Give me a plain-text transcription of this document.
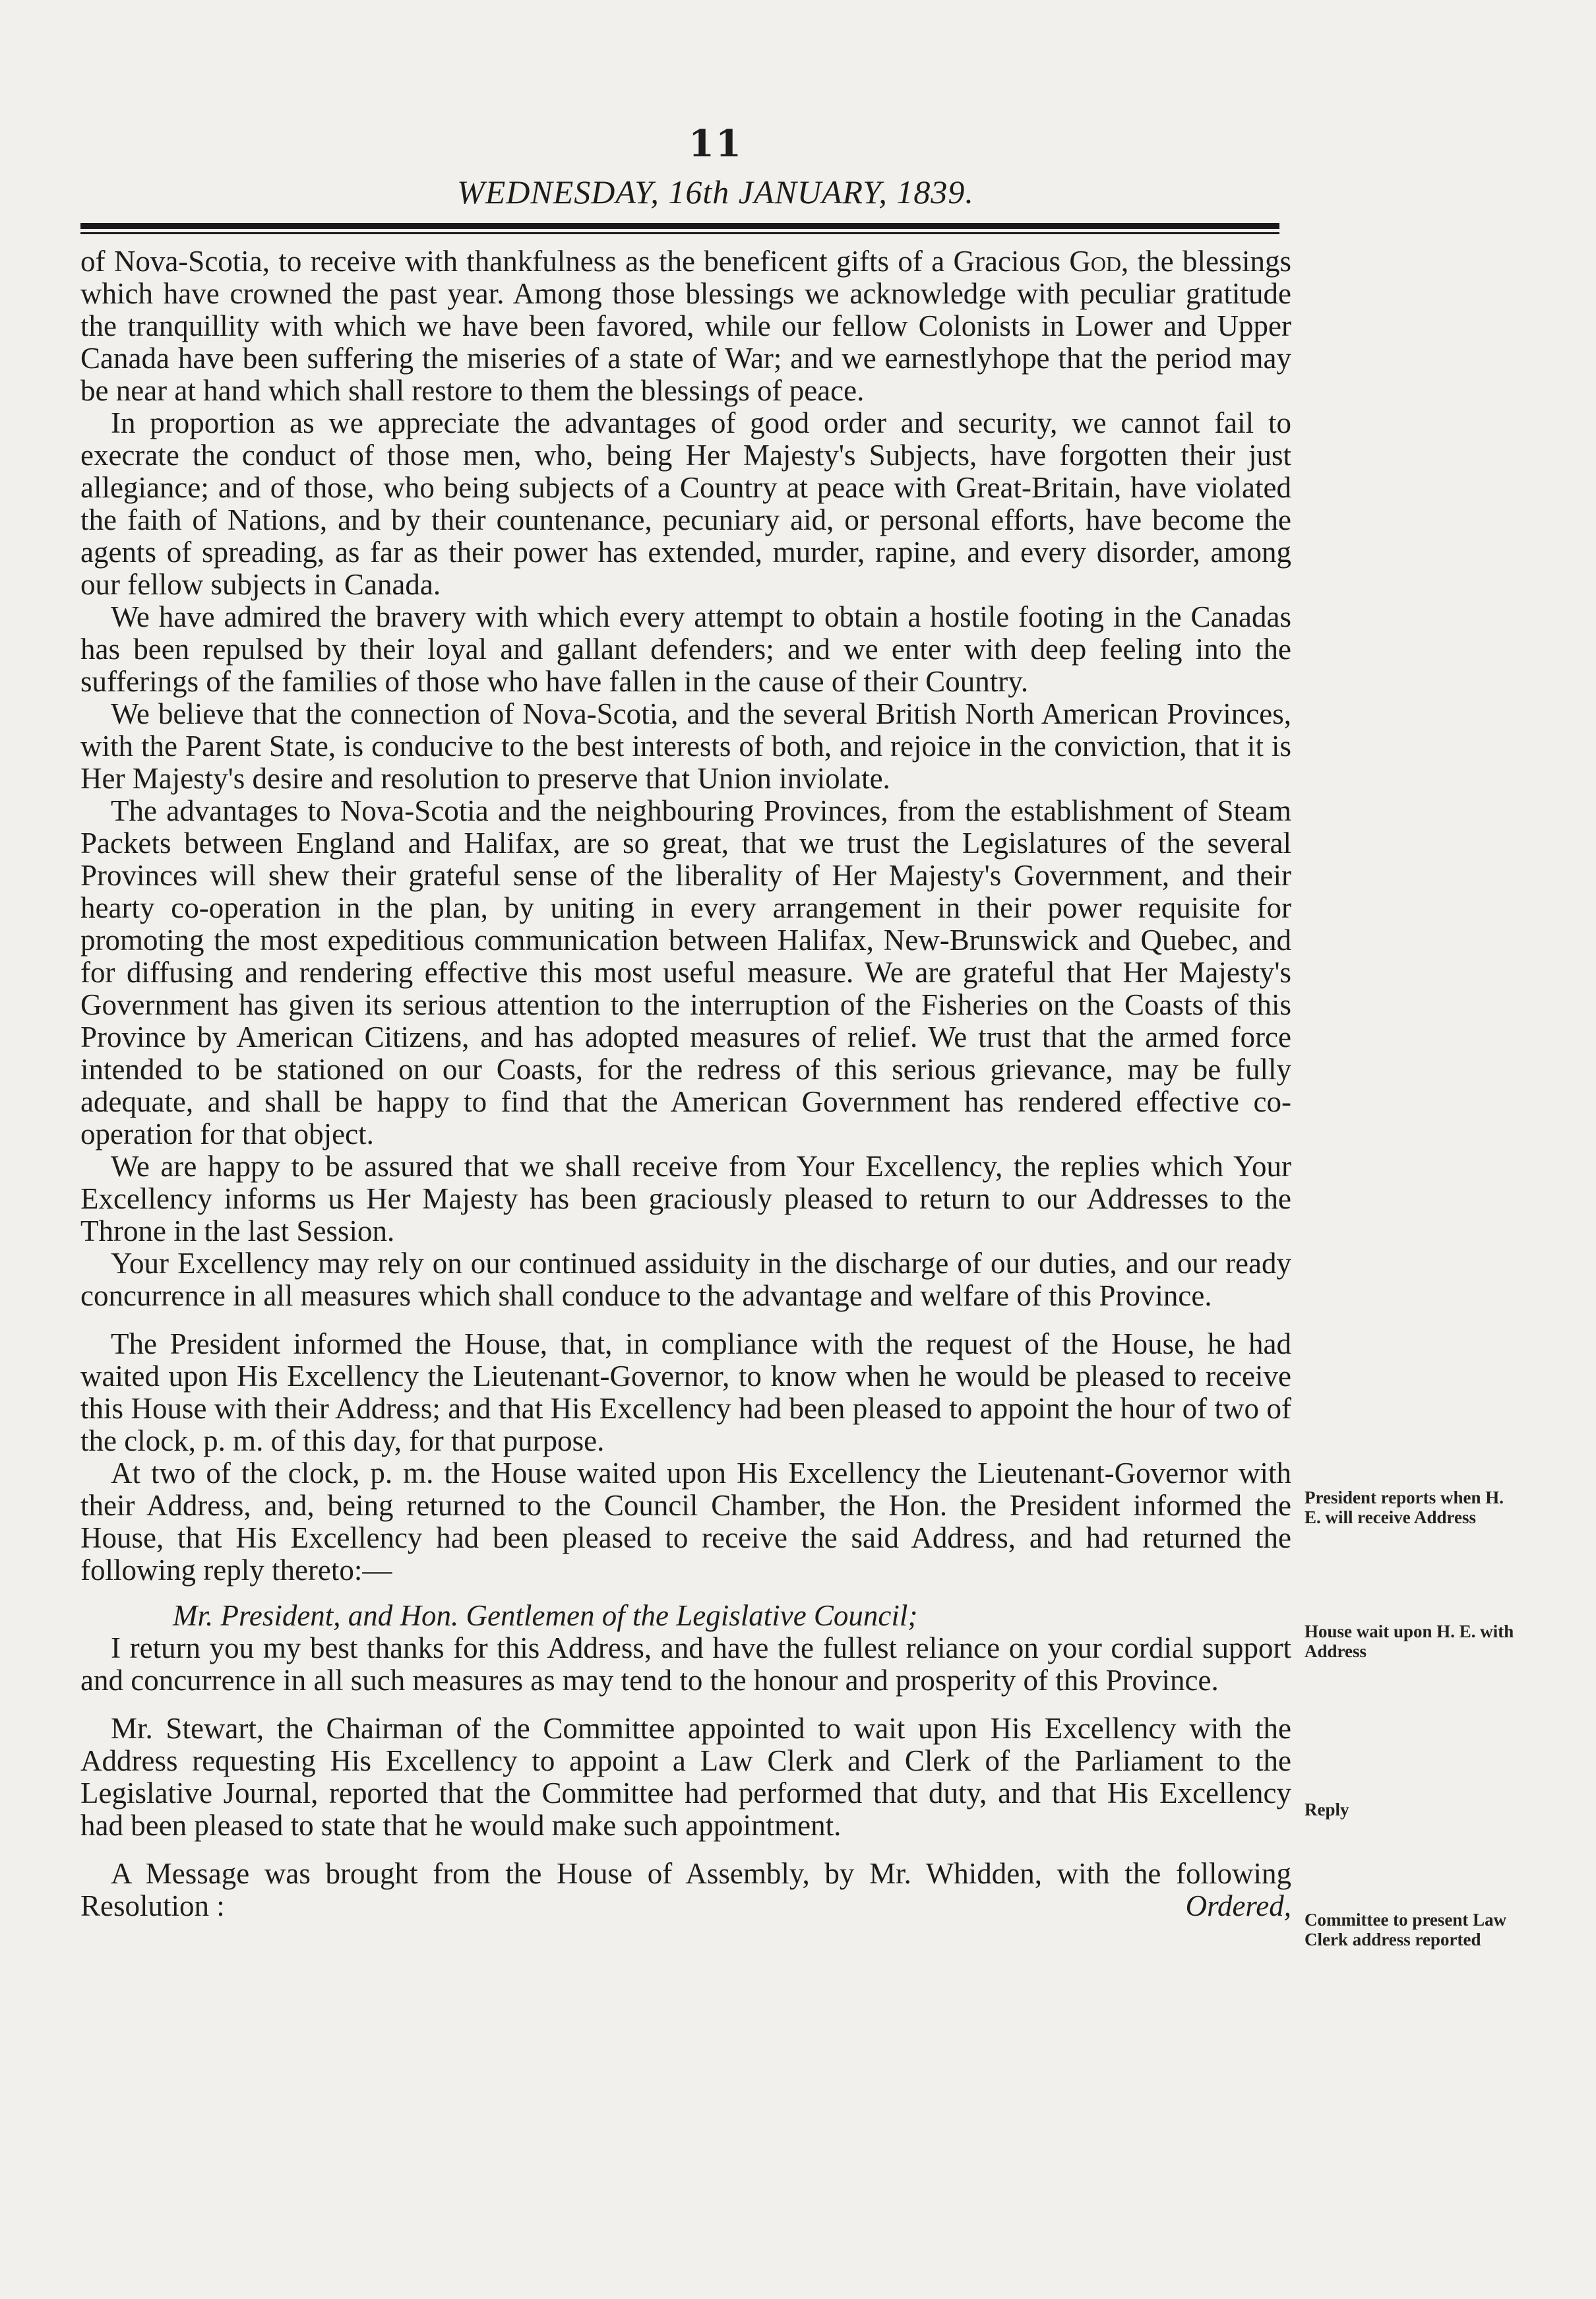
11
WEDNESDAY, 16th JANUARY, 1839.

of Nova-Scotia, to receive with thankfulness as the beneficent gifts of a Gracious God, the blessings which have crowned the past year. Among those blessings we acknowledge with peculiar gratitude the tranquillity with which we have been favored, while our fellow Colonists in Lower and Upper Canada have been suffering the miseries of a state of War; and we earnestlyhope that the period may be near at hand which shall restore to them the blessings of peace.

In proportion as we appreciate the advantages of good order and security, we cannot fail to execrate the conduct of those men, who, being Her Majesty's Subjects, have forgotten their just allegiance; and of those, who being subjects of a Country at peace with Great-Britain, have violated the faith of Nations, and by their countenance, pecuniary aid, or personal efforts, have become the agents of spreading, as far as their power has extended, murder, rapine, and every disorder, among our fellow subjects in Canada.

We have admired the bravery with which every attempt to obtain a hostile footing in the Canadas has been repulsed by their loyal and gallant defenders; and we enter with deep feeling into the sufferings of the families of those who have fallen in the cause of their Country.

We believe that the connection of Nova-Scotia, and the several British North American Provinces, with the Parent State, is conducive to the best interests of both, and rejoice in the conviction, that it is Her Majesty's desire and resolution to preserve that Union inviolate.

The advantages to Nova-Scotia and the neighbouring Provinces, from the establishment of Steam Packets between England and Halifax, are so great, that we trust the Legislatures of the several Provinces will shew their grateful sense of the liberality of Her Majesty's Government, and their hearty co-operation in the plan, by uniting in every arrangement in their power requisite for promoting the most expeditious communication between Halifax, New-Brunswick and Quebec, and for diffusing and rendering effective this most useful measure. We are grateful that Her Majesty's Government has given its serious attention to the interruption of the Fisheries on the Coasts of this Province by American Citizens, and has adopted measures of relief. We trust that the armed force intended to be stationed on our Coasts, for the redress of this serious grievance, may be fully adequate, and shall be happy to find that the American Government has rendered effective co-operation for that object.

We are happy to be assured that we shall receive from Your Excellency, the replies which Your Excellency informs us Her Majesty has been graciously pleased to return to our Addresses to the Throne in the last Session.

Your Excellency may rely on our continued assiduity in the discharge of our duties, and our ready concurrence in all measures which shall conduce to the advantage and welfare of this Province.

The President informed the House, that, in compliance with the request of the House, he had waited upon His Excellency the Lieutenant-Governor, to know when he would be pleased to receive this House with their Address; and that His Excellency had been pleased to appoint the hour of two of the clock, p. m. of this day, for that purpose.

At two of the clock, p. m. the House waited upon His Excellency the Lieutenant-Governor with their Address, and, being returned to the Council Chamber, the Hon. the President informed the House, that His Excellency had been pleased to receive the said Address, and had returned the following reply thereto:—

Mr. President, and Hon. Gentlemen of the Legislative Council;

I return you my best thanks for this Address, and have the fullest reliance on your cordial support and concurrence in all such measures as may tend to the honour and prosperity of this Province.

Mr. Stewart, the Chairman of the Committee appointed to wait upon His Excellency with the Address requesting His Excellency to appoint a Law Clerk and Clerk of the Parliament to the Legislative Journal, reported that the Committee had performed that duty, and that His Excellency had been pleased to state that he would make such appointment.

A Message was brought from the House of Assembly, by Mr. Whidden, with the following Resolution :	Ordered,

President reports when H. E. will receive Address
House wait upon H. E. with Address
Reply
Committee to present Law Clerk address reported
